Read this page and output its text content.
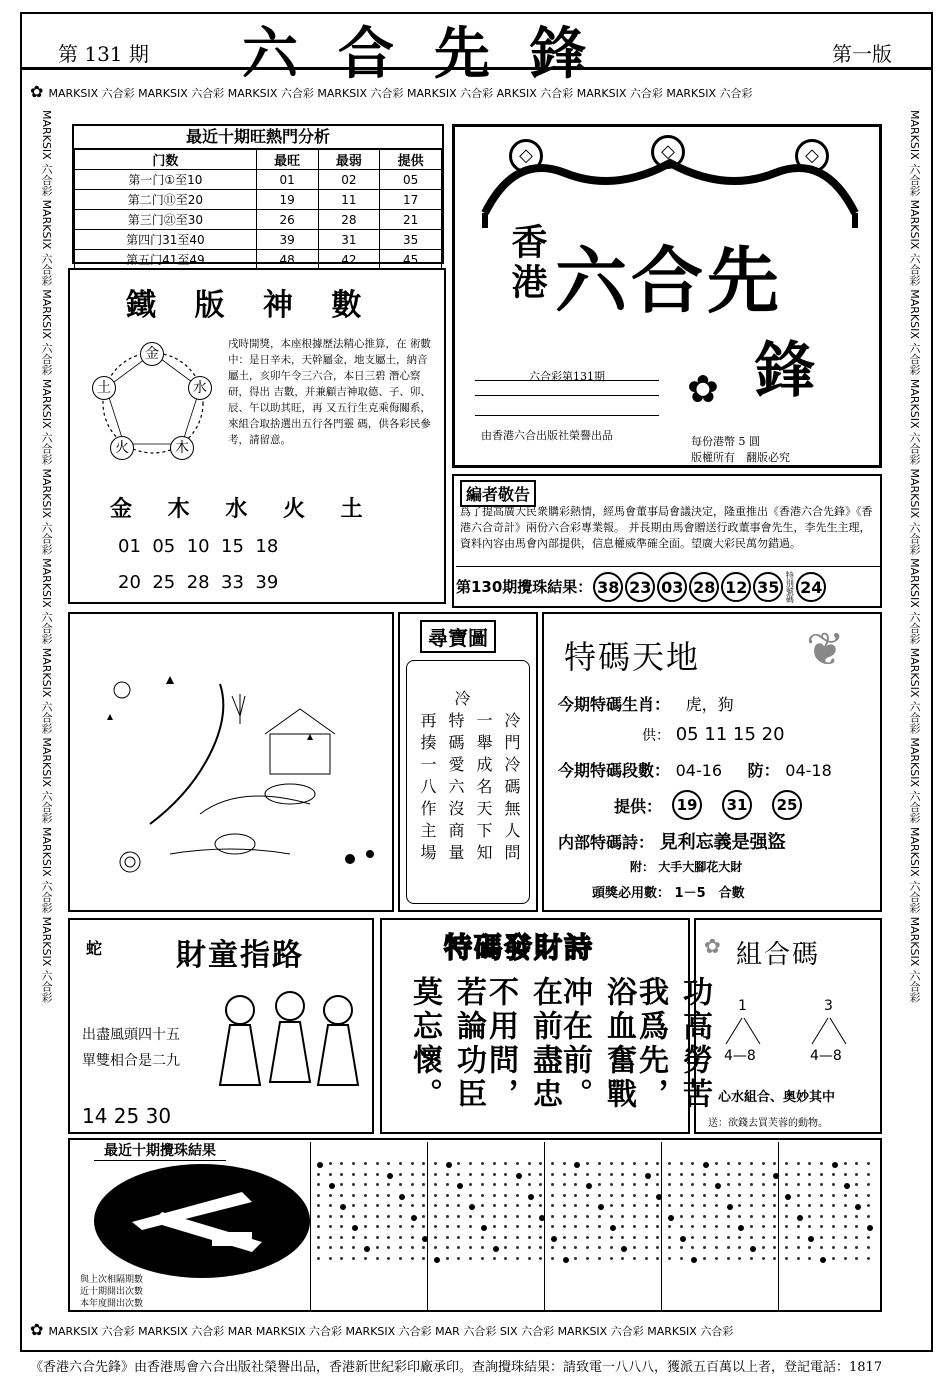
第 131 期 六合先鋒	第一版
✿ MARKSIX 六合彩 MARKSIX 六合彩 MARKSIX 六合彩 MARKSIX 六合彩 MARKSIX 六合彩 ARKSIX 六合彩 MARKSIX 六合彩 MARKSIX 六合彩
✿ MARKSIX 六合彩 MARKSIX 六合彩 MAR MARKSIX 六合彩 MARKSIX 六合彩 MAR 六合彩 SIX 六合彩 MARKSIX 六合彩 MARKSIX 六合彩
MARKSIX 六合彩 MARKSIX 六合彩 MARKSIX 六合彩 MARKSIX 六合彩 MARKSIX 六合彩 MARKSIX 六合彩 MARKSIX 六合彩 MARKSIX 六合彩 MARKSIX 六合彩 MARKSIX 六合彩	MARKSIX 六合彩 MARKSIX 六合彩 MARKSIX 六合彩 MARKSIX 六合彩 MARKSIX 六合彩 MARKSIX 六合彩 MARKSIX 六合彩 MARKSIX 六合彩 MARKSIX 六合彩 MARKSIX 六合彩
最近十期旺熱門分析
门数	最旺	最弱	提供
第一门①至10	01	02	05
第二门⑪至20	19	11	17
第三门㉑至30	26	28	21
第四门31至40	39	31	35
第五门41至49	48	42	45
鐵 版 神 數
金
水
木
火
土
戌時開獎，本座根據歷法精心推算，在 術數中：是日辛未，天幹屬金，地支屬土，納音 屬土，亥卯午令三六合，本日三碧 潛心察研，得出 吉數，并兼顧吉神取德、子、卯、辰、午以助其旺，再 又五行生克乘侮關系，來組合取捨選出五行各門靈 碼，供各彩民參考，請留意。
金 木 水 火 土
01  05  10  15  18
20  25  28  33  39
◇	◇	◇
香港 六合先
鋒
✿
六合彩第131期
由香港六合出版社榮譽出品	每份港幣 5 圓
版權所有　翻版必究
編者敬告
爲了提高廣大民衆購彩熱情，經馬會董事局會議決定，隆重推出《香港六合先鋒》《香港六合奇計》兩份六合彩專業報。 并長期由馬會贈送行政董事會先生，李先生主理，資料內容由馬會內部提供，信息權威準確全面。望廣大彩民萬勿錯過。
第130期攪珠結果： 38 23 03 28 12 35 特別號碼 24
尋寶圖
冷
冷門冷碼無人問
一舉成名天下知
特碼愛六沒商量
再揍一八作主場
特碼天地 ❦
今期特碼生肖： 虎，狗
供： 05 11 15 20
今期特碼段數： 04-16 防： 04-18
提供： 19 31 25
内部特碼詩： 見利忘義是强盜
附： 大手大腳花大財
頭獎必用數： 1－5　合數
蛇 財童指路
出盡風頭四十五
單雙相合是二九
14 25 30
特碼發財詩
功高勞苦我爲先，
浴血奮戰冲在前。
在前盡忠不用問，
若論功臣莫忘懷。
✿ 組合碼
1
4—8
3
4—8
心水組合、奥妙其中
送：欲錢去買芙蓉的動物。
最近十期攪珠結果
與上次相隔期數
近十期開出次數
本年度開出次數
《香港六合先鋒》由香港馬會六合出版社榮譽出品，香港新世紀彩印廠承印。查詢攪珠結果：請致電一八八八，獲派五百萬以上者，登記電話：1817
